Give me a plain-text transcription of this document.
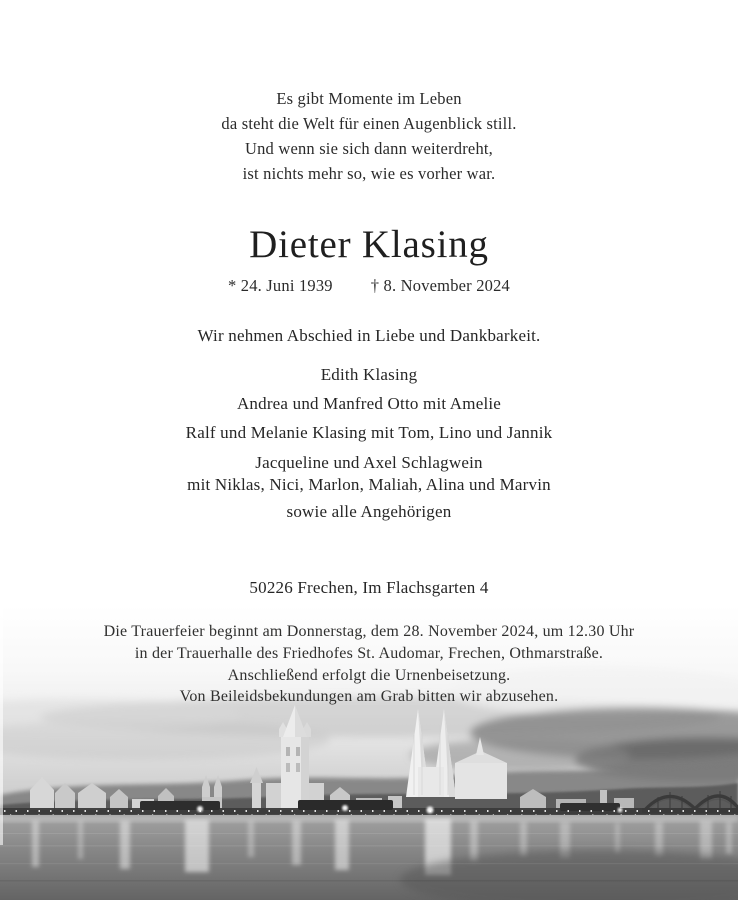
Es gibt Momente im Leben
da steht die Welt für einen Augenblick still.
Und wenn sie sich dann weiterdreht,
ist nichts mehr so, wie es vorher war.
Dieter Klasing
* 24. Juni 1939 † 8. November 2024
Wir nehmen Abschied in Liebe und Dankbarkeit.
Edith Klasing
Andrea und Manfred Otto mit Amelie
Ralf und Melanie Klasing mit Tom, Lino und Jannik
Jacqueline und Axel Schlagwein
mit Niklas, Nici, Marlon, Maliah, Alina und Marvin
sowie alle Angehörigen
50226 Frechen, Im Flachsgarten 4
Die Trauerfeier beginnt am Donnerstag, dem 28. November 2024, um 12.30 Uhr
in der Trauerhalle des Friedhofes St. Audomar, Frechen, Othmarstraße.
Anschließend erfolgt die Urnenbeisetzung.
Von Beileidsbekundungen am Grab bitten wir abzusehen.
